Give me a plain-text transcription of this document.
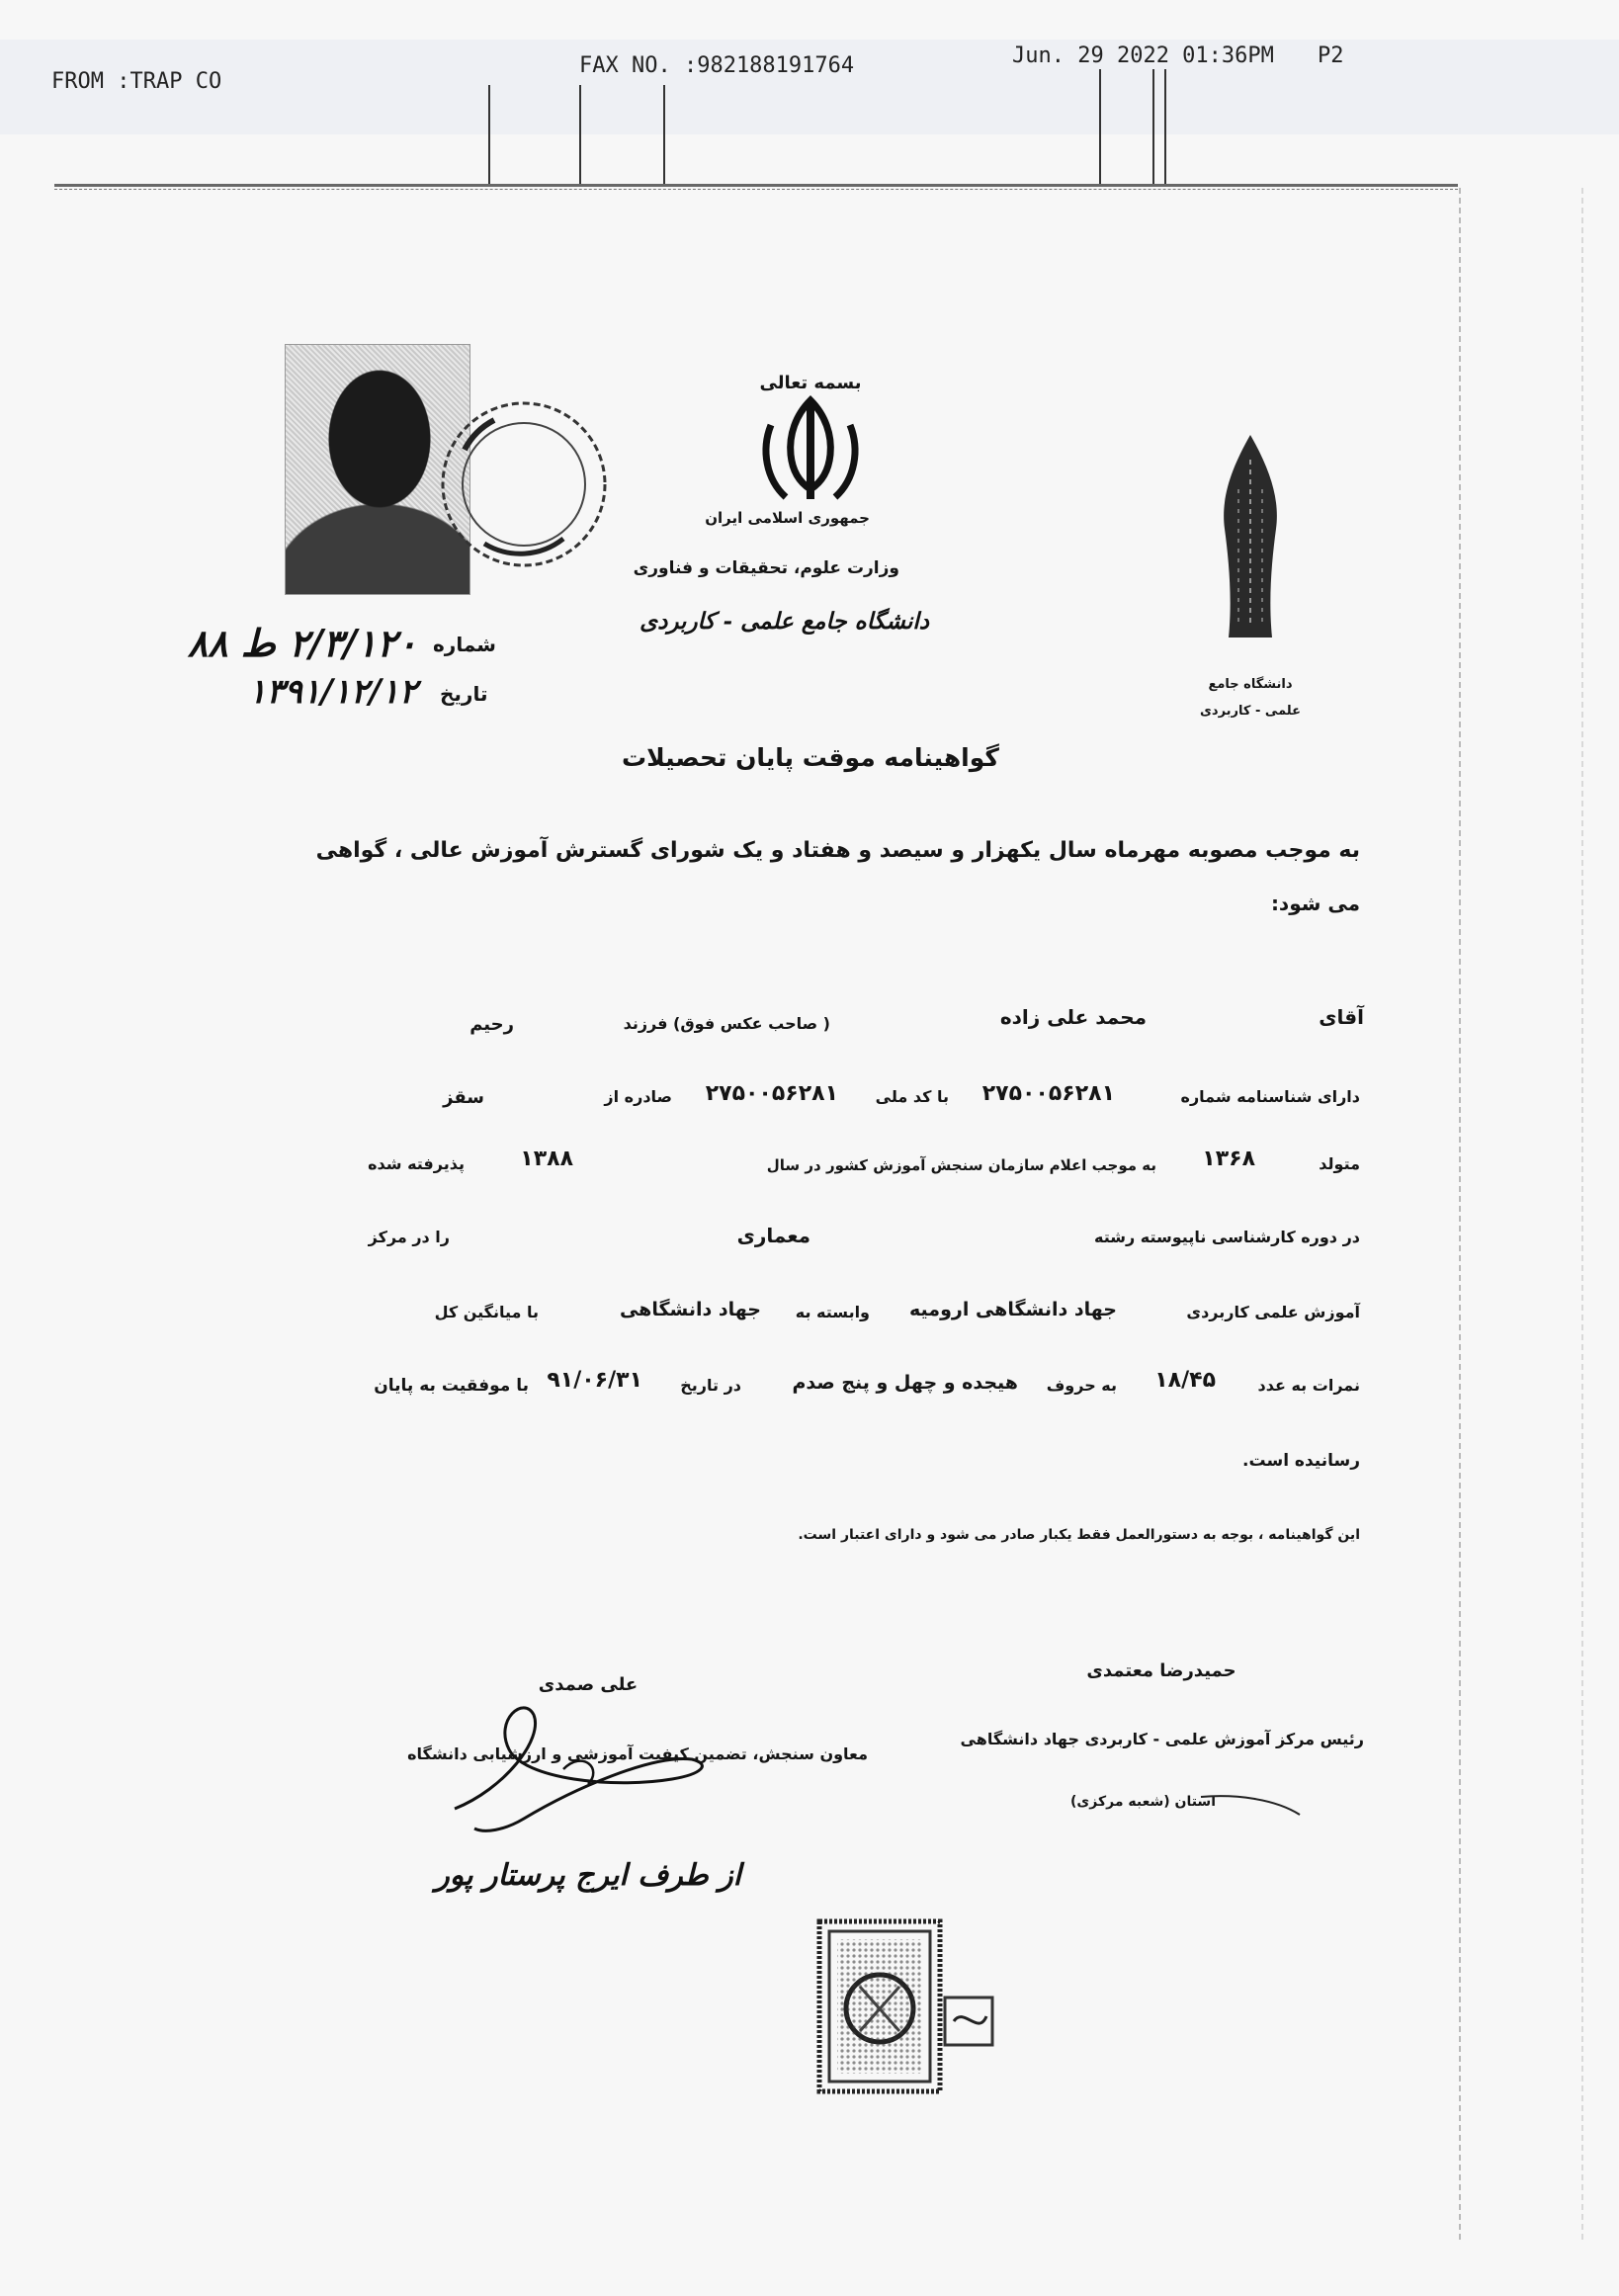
FROM :TRAP CO
FAX NO. :982188191764	Jun. 29 2022 01:36PM P2
بسمه تعالی
جمهوری اسلامی ایران
وزارت علوم، تحقیقات و فناوری
دانشگاه جامع علمی - کاربردی
دانشگاه جامع
علمی - کاربردی
شماره
۲/۳/۱۲۰ ط ۸۸
تاریخ
۱۳۹۱/۱۲/۱۲
گواهینامه موقت پایان تحصیلات
به موجب مصوبه مهرماه سال یکهزار و سیصد و هفتاد و یک شورای گسترش آموزش عالی ، گواهی
می شود:
آقای
محمد علی زاده
( صاحب عکس فوق) فرزند
رحیم
دارای شناسنامه شماره
۲۷۵۰۰۵۶۲۸۱
با کد ملی
۲۷۵۰۰۵۶۲۸۱
صادره از
سقز
متولد
۱۳۶۸
به موجب اعلام سازمان سنجش آموزش کشور در سال
۱۳۸۸
پذیرفته شده
در دوره کارشناسی ناپیوسته رشته
معماری
را در مرکز
آموزش علمی کاربردی
جهاد دانشگاهی ارومیه
وابسته به
جهاد دانشگاهی
با میانگین کل
نمرات به عدد
۱۸/۴۵
به حروف
هیجده و چهل و پنج صدم
در تاریخ
۹۱/۰۶/۳۱
با موفقیت به پایان
رسانیده است.
این گواهینامه ، بوجه به دستورالعمل فقط یکبار صادر می شود و دارای اعتبار است.
حمیدرضا معتمدی
رئیس مرکز آموزش علمی - کاربردی جهاد دانشگاهی
استان (شعبه مرکزی)
علی صمدی
معاون سنجش، تضمین کیفیت آموزشی و ارزشیابی دانشگاه
از طرف ایرج پرستار پور
